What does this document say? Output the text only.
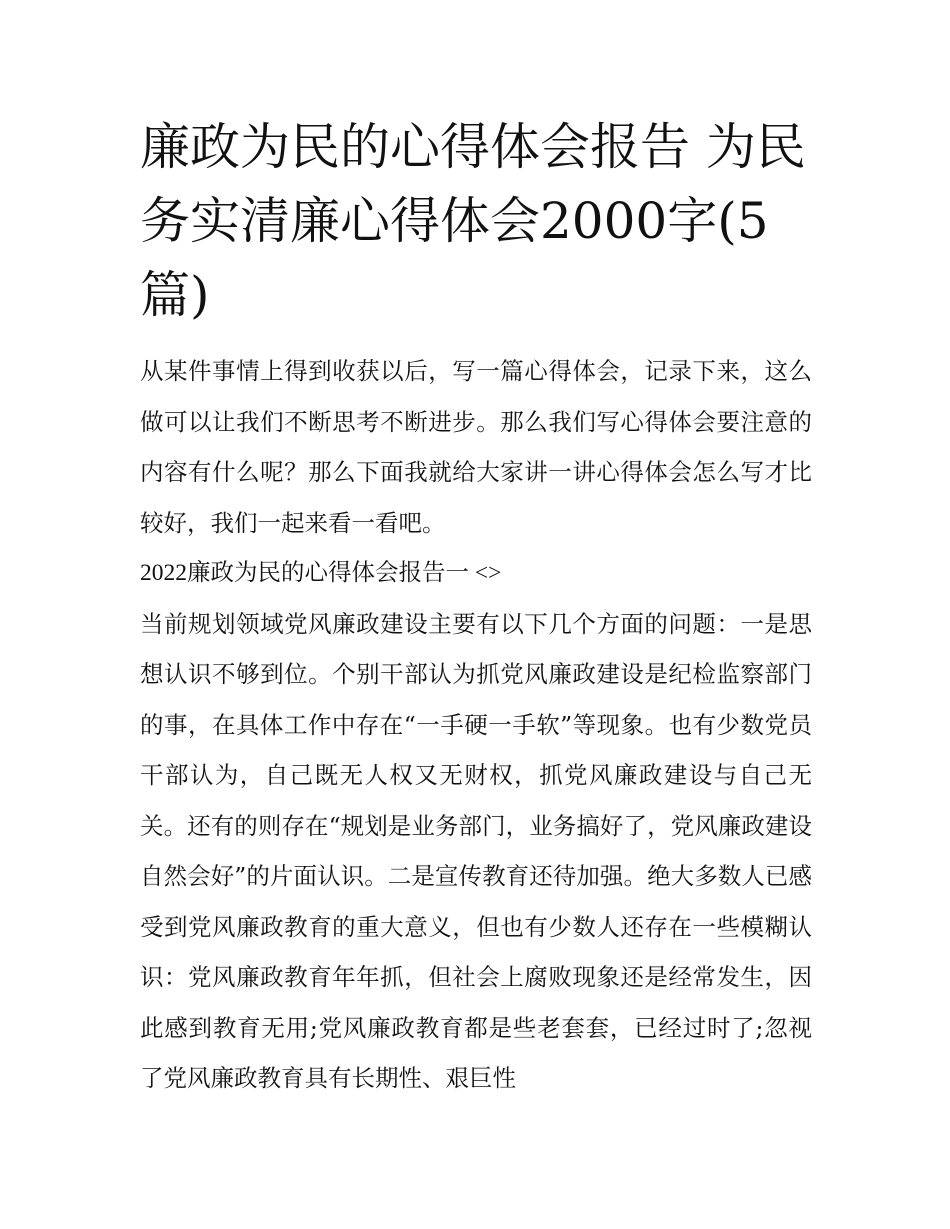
廉政为民的心得体会报告 为民务实清廉心得体会2000字(5篇)

从某件事情上得到收获以后，写一篇心得体会，记录下来，这么做可以让我们不断思考不断进步。那么我们写心得体会要注意的内容有什么呢？那么下面我就给大家讲一讲心得体会怎么写才比较好，我们一起来看一看吧。

2022廉政为民的心得体会报告一 <>

当前规划领域党风廉政建设主要有以下几个方面的问题：一是思想认识不够到位。个别干部认为抓党风廉政建设是纪检监察部门的事，在具体工作中存在“一手硬一手软”等现象。也有少数党员干部认为，自己既无人权又无财权，抓党风廉政建设与自己无关。还有的则存在“规划是业务部门，业务搞好了，党风廉政建设自然会好”的片面认识。二是宣传教育还待加强。绝大多数人已感受到党风廉政教育的重大意义，但也有少数人还存在一些模糊认识：党风廉政教育年年抓，但社会上腐败现象还是经常发生，因此感到教育无用;党风廉政教育都是些老套套，已经过时了;忽视了党风廉政教育具有长期性、艰巨性
